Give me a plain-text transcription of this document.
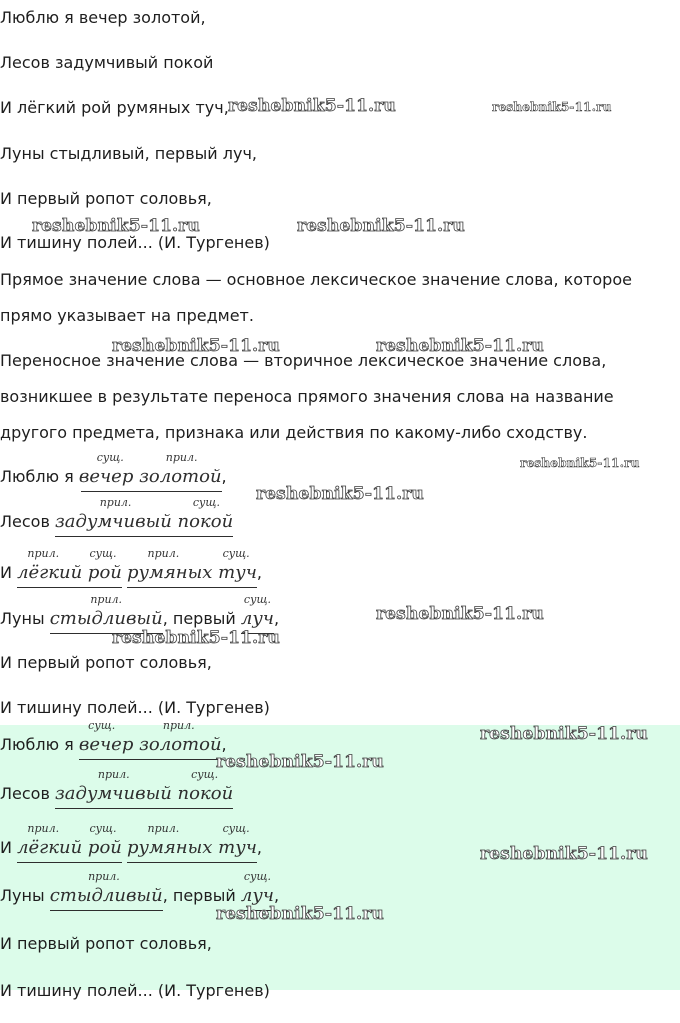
Люблю я вечер золотой,
Лесов задумчивый покой
И лёгкий рой румяных туч,
Луны стыдливый, первый луч,
И первый ропот соловья,
И тишину полей... (И. Тургенев)
Прямое значение слова — основное лексическое значение слова, которое
прямо указывает на предмет.
Переносное значение слова — вторичное лексическое значение слова,
возникшее в результате переноса прямого значения слова на название
другого предмета, признака или действия по какому-либо сходству.
Люблю я вечер золотой
сущ.	прил.
,
Лесов задумчивый покой
прил.	сущ.
И лёгкий рой
прил.	сущ.
румяных туч
прил.	сущ.
,
Луны стыдливый
прил.
, первый луч
сущ.
,
И первый ропот соловья,
И тишину полей... (И. Тургенев)
Люблю я вечер золотой
сущ.	прил.
,
Лесов задумчивый покой
прил.	сущ.
И лёгкий рой
прил.	сущ.
румяных туч
прил.	сущ.
,
Луны стыдливый
прил.
, первый луч
сущ.
,
И первый ропот соловья,
И тишину полей... (И. Тургенев)
reshebnik5-11.ru	reshebnik5-11.ru
reshebnik5-11.ru	reshebnik5-11.ru
reshebnik5-11.ru	reshebnik5-11.ru
reshebnik5-11.ru
reshebnik5-11.ru
reshebnik5-11.ru
reshebnik5-11.ru
reshebnik5-11.ru
reshebnik5-11.ru
reshebnik5-11.ru
reshebnik5-11.ru
